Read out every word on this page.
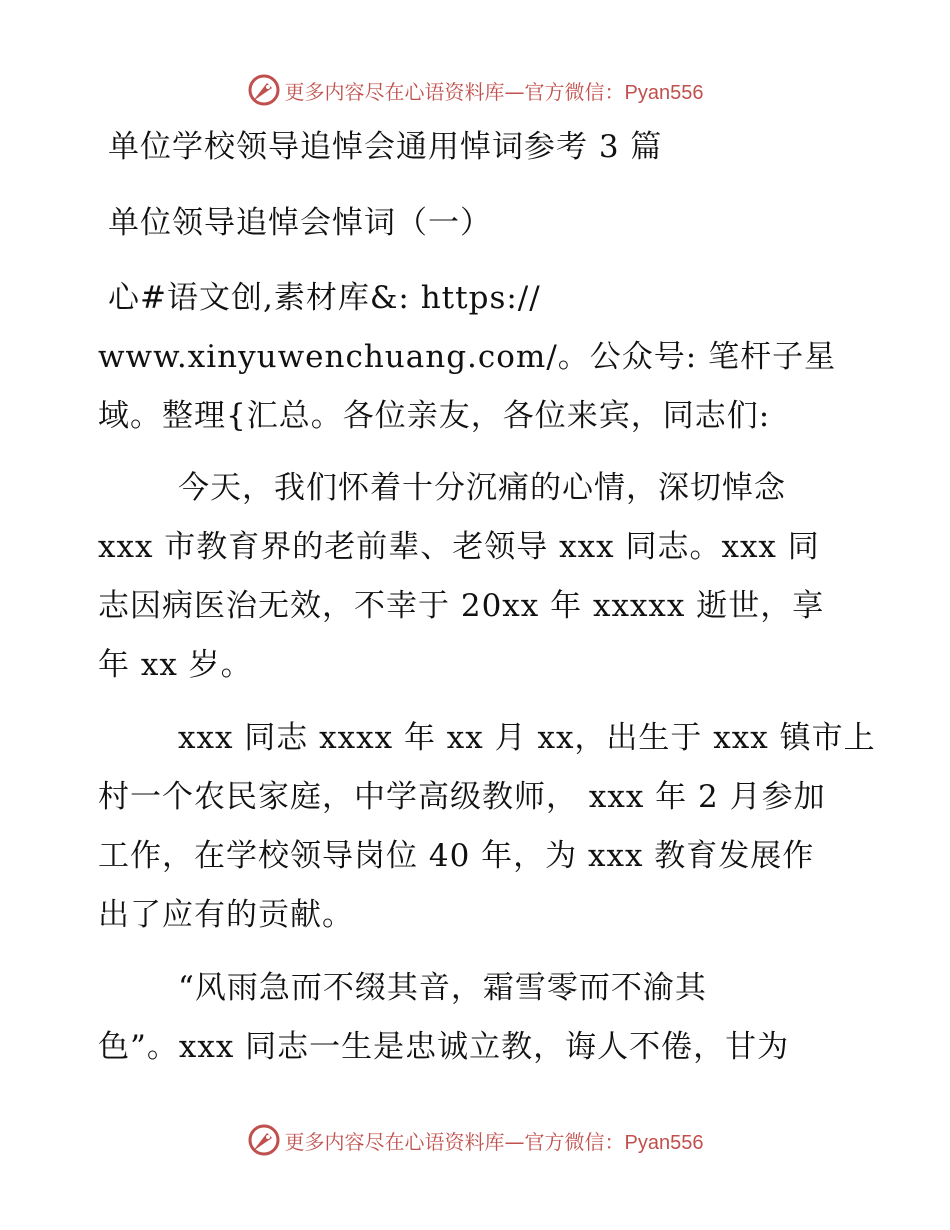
更多内容尽在心语资料库—官方微信：Pyan556
单位学校领导追悼会通用悼词参考 3 篇
单位领导追悼会悼词（一）
心#语文创,素材库&: https://
www.xinyuwenchuang.com/。公众号: 笔杆子星
域。整理{汇总。各位亲友，各位来宾，同志们:
今天，我们怀着十分沉痛的心情，深切悼念
xxx 市教育界的老前辈、老领导 xxx 同志。xxx 同
志因病医治无效，不幸于 20xx 年 xxxxx 逝世，享
年 xx 岁。
xxx 同志 xxxx 年 xx 月 xx，出生于 xxx 镇市上
村一个农民家庭，中学高级教师， xxx 年 2 月参加
工作，在学校领导岗位 40 年，为 xxx 教育发展作
出了应有的贡献。
“风雨急而不缀其音，霜雪零而不渝其
色”。xxx 同志一生是忠诚立教，诲人不倦，甘为
更多内容尽在心语资料库—官方微信：Pyan556
